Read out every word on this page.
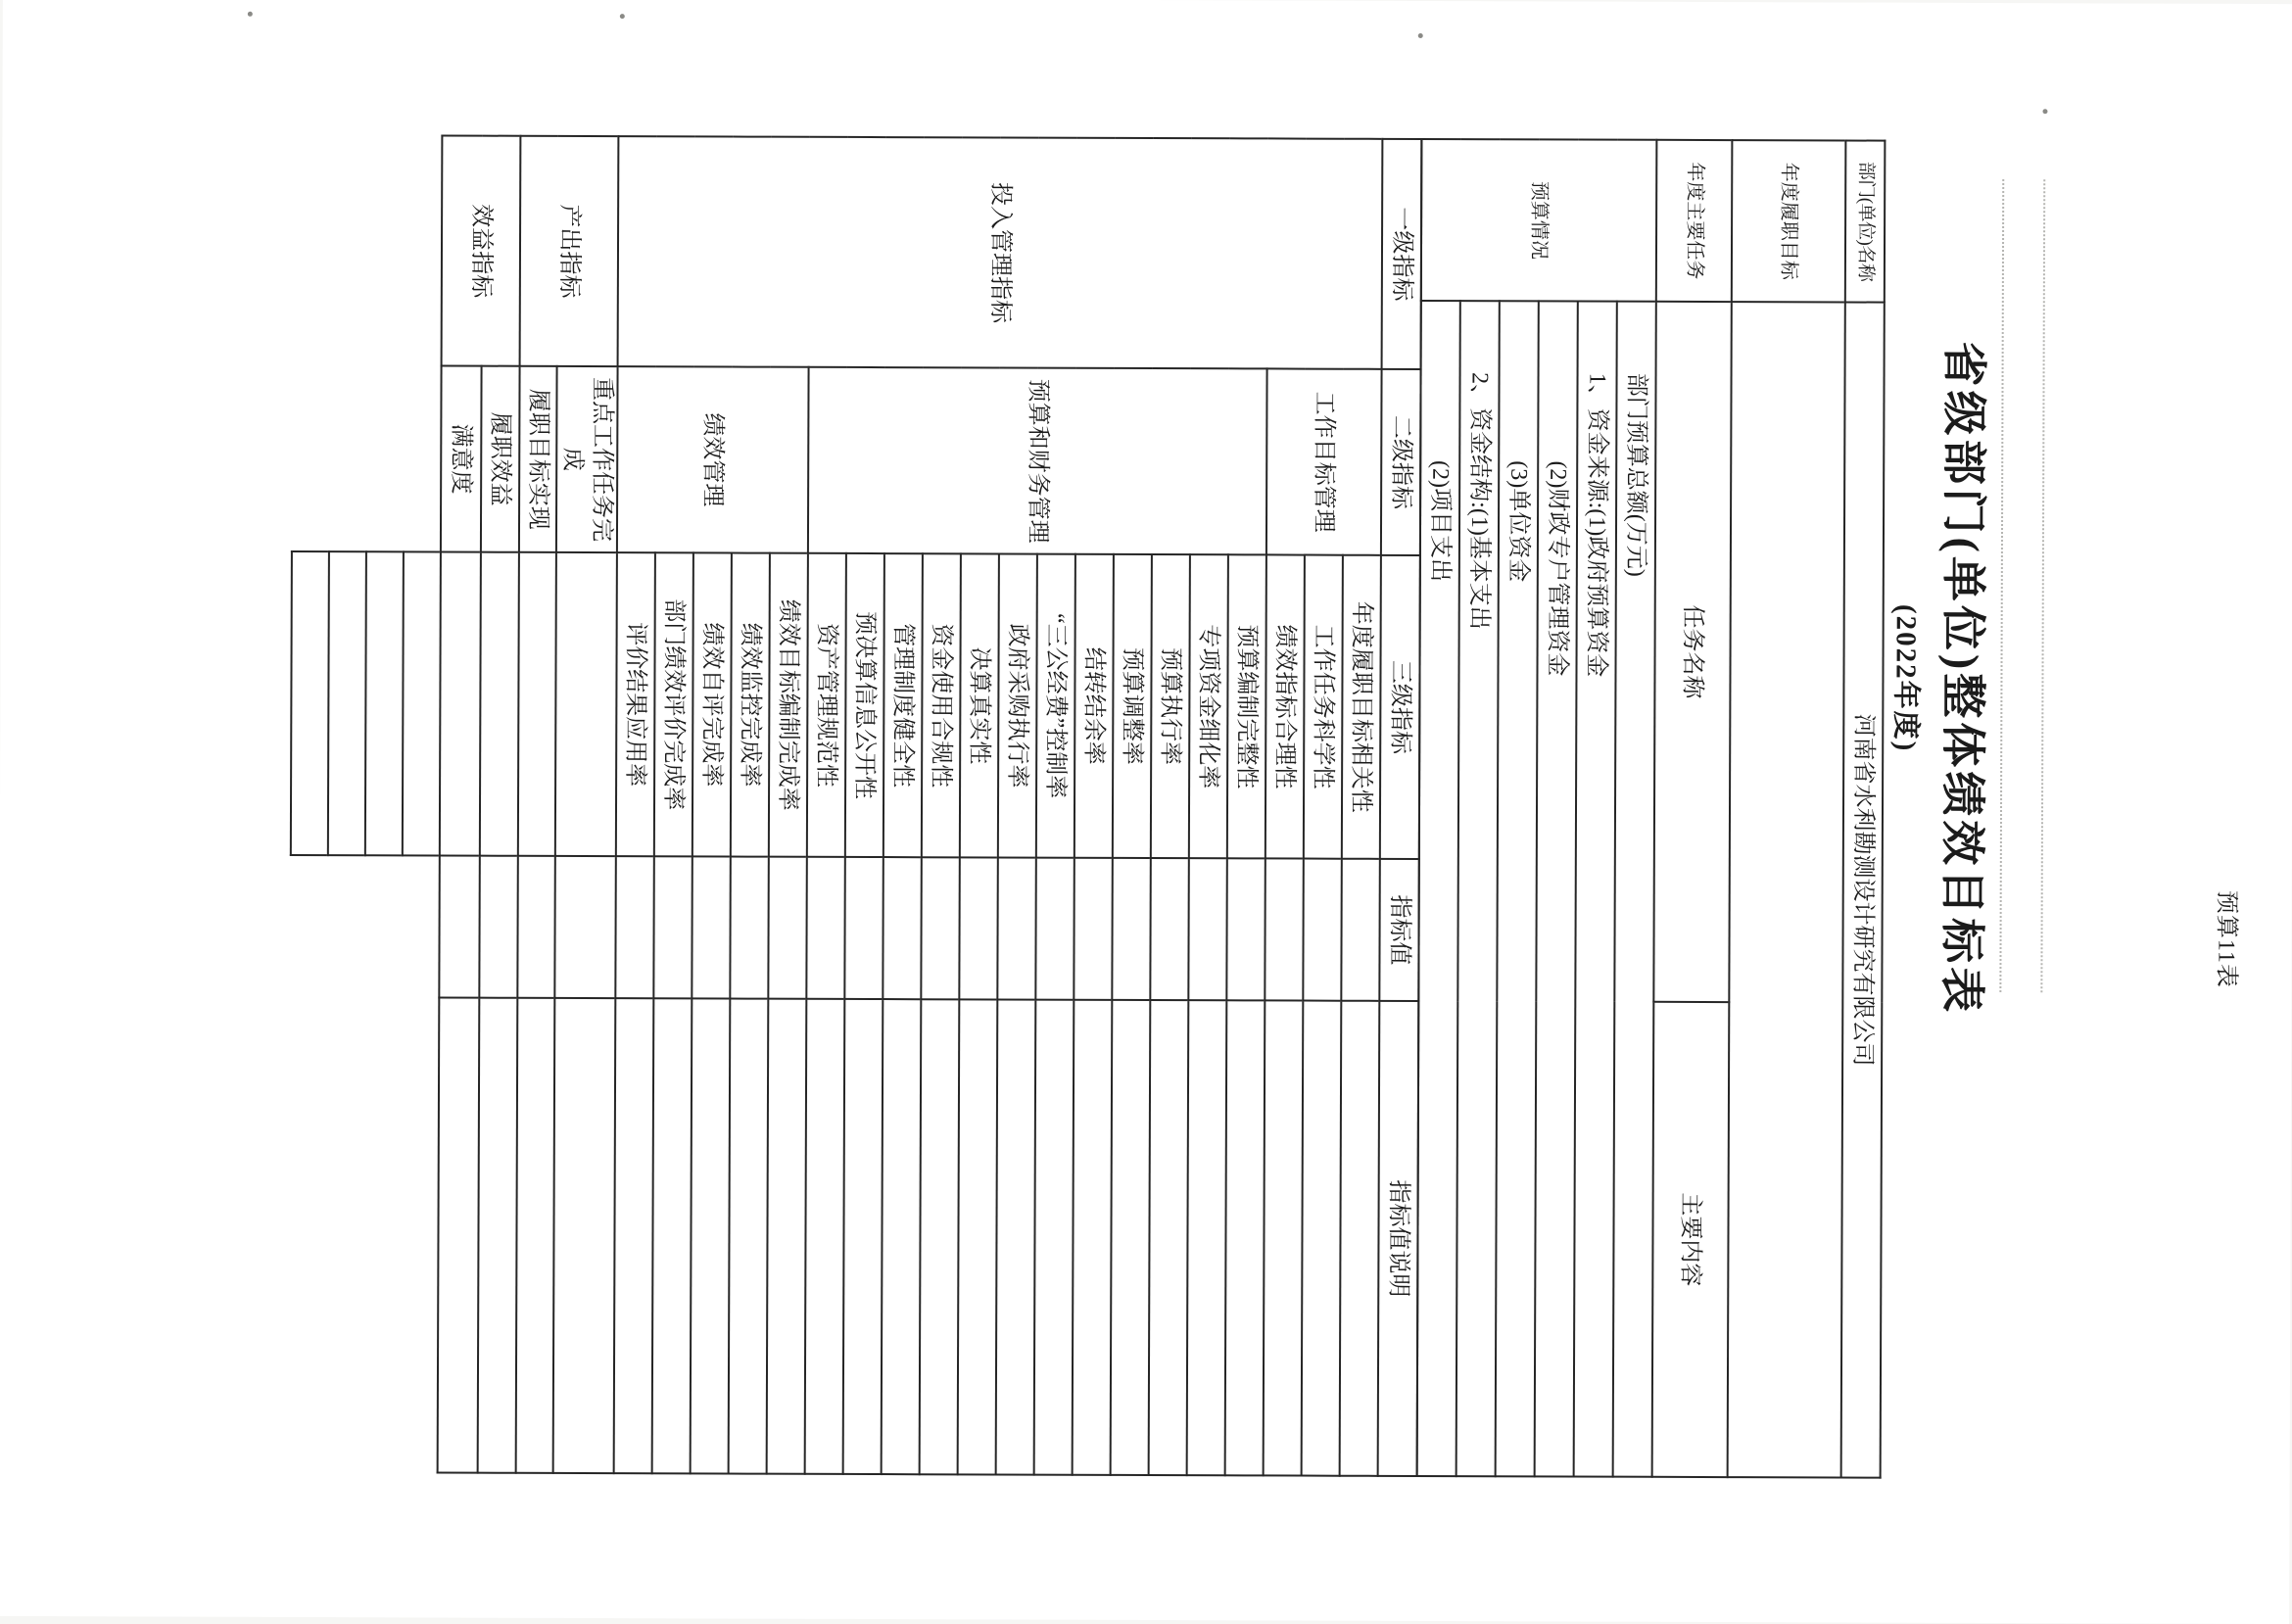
预算11表
省级部门(单位)整体绩效目标表
(2022年度)
部门(单位)名称	河南省水利勘测设计研究有限公司	
年度履职目标		
年度主要任务	任务名称	主要内容
预算情况	部门预算总额(万元)	
	1、资金来源:(1)政府预算资金	
	(2)财政专户管理资金	
	(3)单位资金	
	2、资金结构:(1)基本支出	
	(2)项目支出	
一级指标	二级指标	三级指标	指标值	指标值说明
投入管理指标	工作目标管理	年度履职目标相关性		
		工作任务科学性		
		绩效指标合理性		
	预算和财务管理	预算编制完整性		
		专项资金细化率		
		预算执行率		
		预算调整率		
		结转结余率		
		“三公经费”控制率		
		政府采购执行率		
		决算真实性		
		资金使用合规性		
		管理制度健全性		
		预决算信息公开性		
		资产管理规范性		
	绩效管理	绩效目标编制完成率		
		绩效监控完成率		
		绩效自评完成率		
		部门绩效评价完成率		
		评价结果应用率		
产出指标	重点工作任务完成			
	履职目标实现			
效益指标	履职效益			
	满意度			
